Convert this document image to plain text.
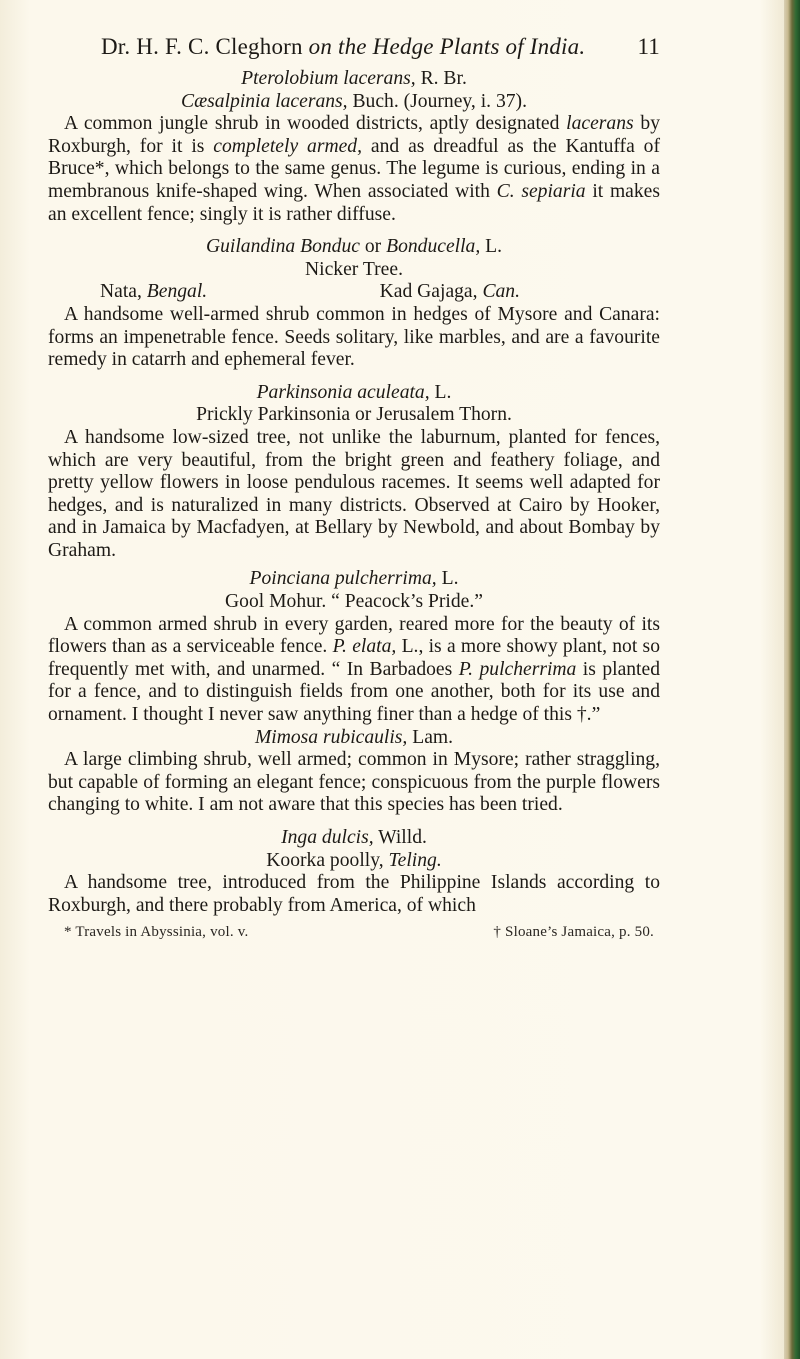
Dr. H. F. C. Cleghorn on the Hedge Plants of India. 11
Pterolobium lacerans, R. Br.
Cæsalpinia lacerans, Buch. (Journey, i. 37).

A common jungle shrub in wooded districts, aptly designated lacerans by Roxburgh, for it is completely armed, and as dreadful as the Kantuffa of Bruce*, which belongs to the same genus. The legume is curious, ending in a membranous knife-shaped wing. When associated with C. sepiaria it makes an excellent fence; singly it is rather diffuse.

Guilandina Bonduc or Bonducella, L.
Nicker Tree.
Nata, Bengal.	Kad Gajaga, Can.

A handsome well-armed shrub common in hedges of Mysore and Canara: forms an impenetrable fence. Seeds solitary, like marbles, and are a favourite remedy in catarrh and ephemeral fever.

Parkinsonia aculeata, L.
Prickly Parkinsonia or Jerusalem Thorn.

A handsome low-sized tree, not unlike the laburnum, planted for fences, which are very beautiful, from the bright green and feathery foliage, and pretty yellow flowers in loose pendulous racemes. It seems well adapted for hedges, and is naturalized in many districts. Observed at Cairo by Hooker, and in Jamaica by Macfadyen, at Bellary by Newbold, and about Bombay by Graham.

Poinciana pulcherrima, L.
Gool Mohur. “ Peacock’s Pride.”

A common armed shrub in every garden, reared more for the beauty of its flowers than as a serviceable fence. P. elata, L., is a more showy plant, not so frequently met with, and unarmed. “ In Barbadoes P. pulcherrima is planted for a fence, and to distinguish fields from one another, both for its use and ornament. I thought I never saw anything finer than a hedge of this †.”

Mimosa rubicaulis, Lam.

A large climbing shrub, well armed; common in Mysore; rather straggling, but capable of forming an elegant fence; conspicuous from the purple flowers changing to white. I am not aware that this species has been tried.

Inga dulcis, Willd.
Koorka poolly, Teling.

A handsome tree, introduced from the Philippine Islands according to Roxburgh, and there probably from America, of which

* Travels in Abyssinia, vol. v.	† Sloane’s Jamaica, p. 50.
